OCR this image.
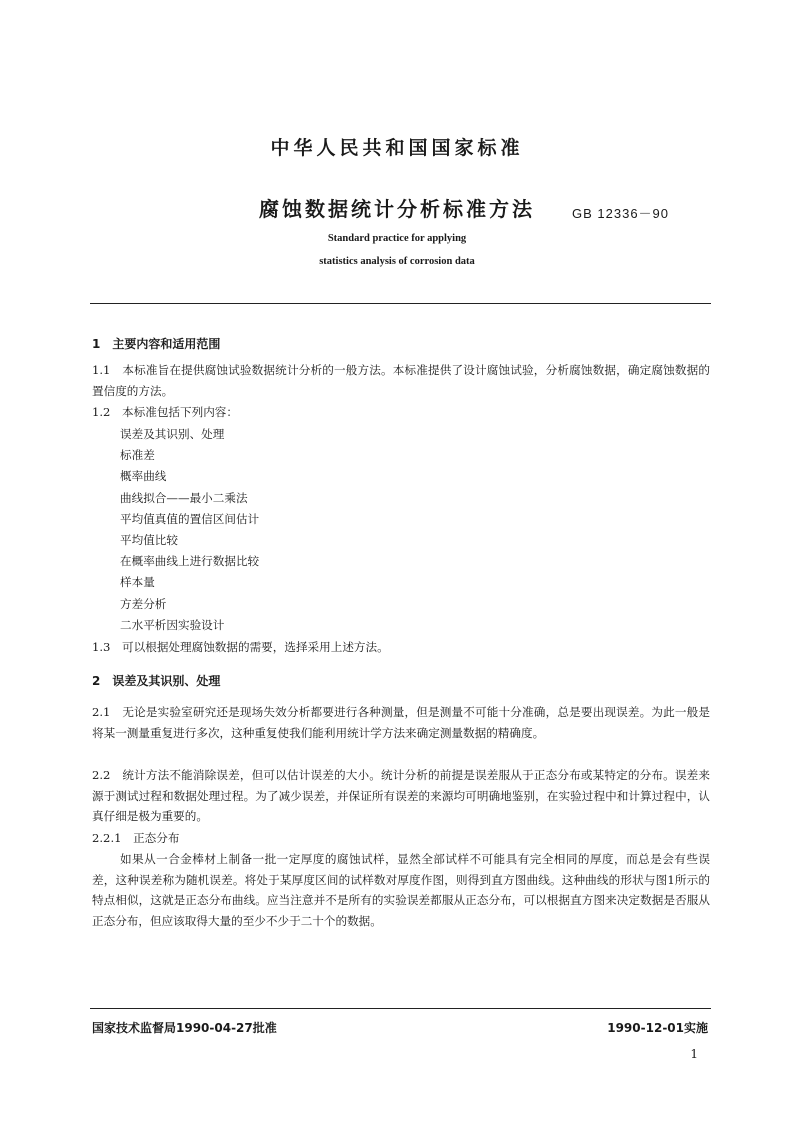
中华人民共和国国家标准
腐蚀数据统计分析标准方法	GB 12336－90
Standard practice for applying
statistics analysis of corrosion data
1　主要内容和适用范围
1.1　本标准旨在提供腐蚀试验数据统计分析的一般方法。本标准提供了设计腐蚀试验，分析腐蚀数据，确定腐蚀数据的置信度的方法。
1.2　本标准包括下列内容：
误差及其识别、处理
标准差
概率曲线
曲线拟合——最小二乘法
平均值真值的置信区间估计
平均值比较
在概率曲线上进行数据比较
样本量
方差分析
二水平析因实验设计
1.3　可以根据处理腐蚀数据的需要，选择采用上述方法。
2　误差及其识别、处理
2.1　无论是实验室研究还是现场失效分析都要进行各种测量，但是测量不可能十分准确，总是要出现误差。为此一般是将某一测量重复进行多次，这种重复使我们能利用统计学方法来确定测量数据的精确度。
2.2　统计方法不能消除误差，但可以估计误差的大小。统计分析的前提是误差服从于正态分布或某特定的分布。误差来源于测试过程和数据处理过程。为了减少误差，并保证所有误差的来源均可明确地鉴别，在实验过程中和计算过程中，认真仔细是极为重要的。
2.2.1　正态分布
如果从一合金棒材上制备一批一定厚度的腐蚀试样，显然全部试样不可能具有完全相同的厚度，而总是会有些误差，这种误差称为随机误差。将处于某厚度区间的试样数对厚度作图，则得到直方图曲线。这种曲线的形状与图1所示的特点相似，这就是正态分布曲线。应当注意并不是所有的实验误差都服从正态分布，可以根据直方图来决定数据是否服从正态分布，但应该取得大量的至少不少于二十个的数据。
国家技术监督局1990-04-27批准	1990-12-01实施
1
